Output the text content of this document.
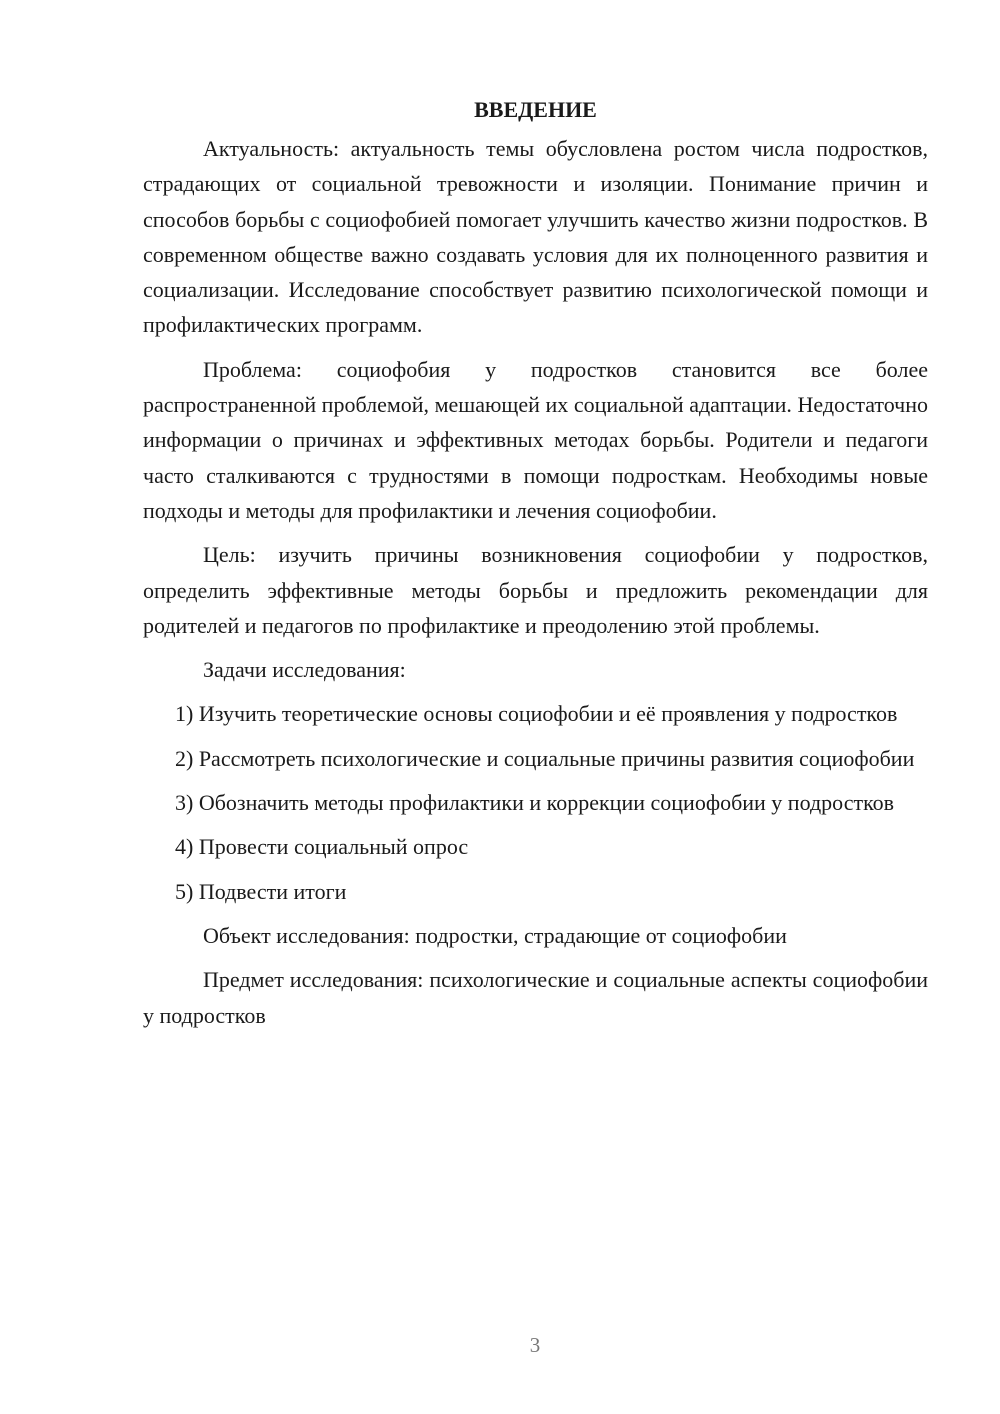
ВВЕДЕНИЕ

Актуальность: актуальность темы обусловлена ростом числа подростков, страдающих от социальной тревожности и изоляции. Понимание причин и способов борьбы с социофобией помогает улучшить качество жизни подростков. В современном обществе важно создавать условия для их полноценного развития и социализации. Исследование способствует развитию психологической помощи и профилактических программ.

Проблема: социофобия у подростков становится все более распространенной проблемой, мешающей их социальной адаптации. Недостаточно информации о причинах и эффективных методах борьбы. Родители и педагоги часто сталкиваются с трудностями в помощи подросткам. Необходимы новые подходы и методы для профилактики и лечения социофобии.

Цель: изучить причины возникновения социофобии у подростков, определить эффективные методы борьбы и предложить рекомендации для родителей и педагогов по профилактике и преодолению этой проблемы.

Задачи исследования:

1) Изучить теоретические основы социофобии и её проявления у подростков

2) Рассмотреть психологические и социальные причины развития социофобии

3) Обозначить методы профилактики и коррекции социофобии у подростков

4) Провести социальный опрос

5) Подвести итоги

Объект исследования: подростки, страдающие от социофобии

Предмет исследования: психологические и социальные аспекты социофобии у подростков

3
